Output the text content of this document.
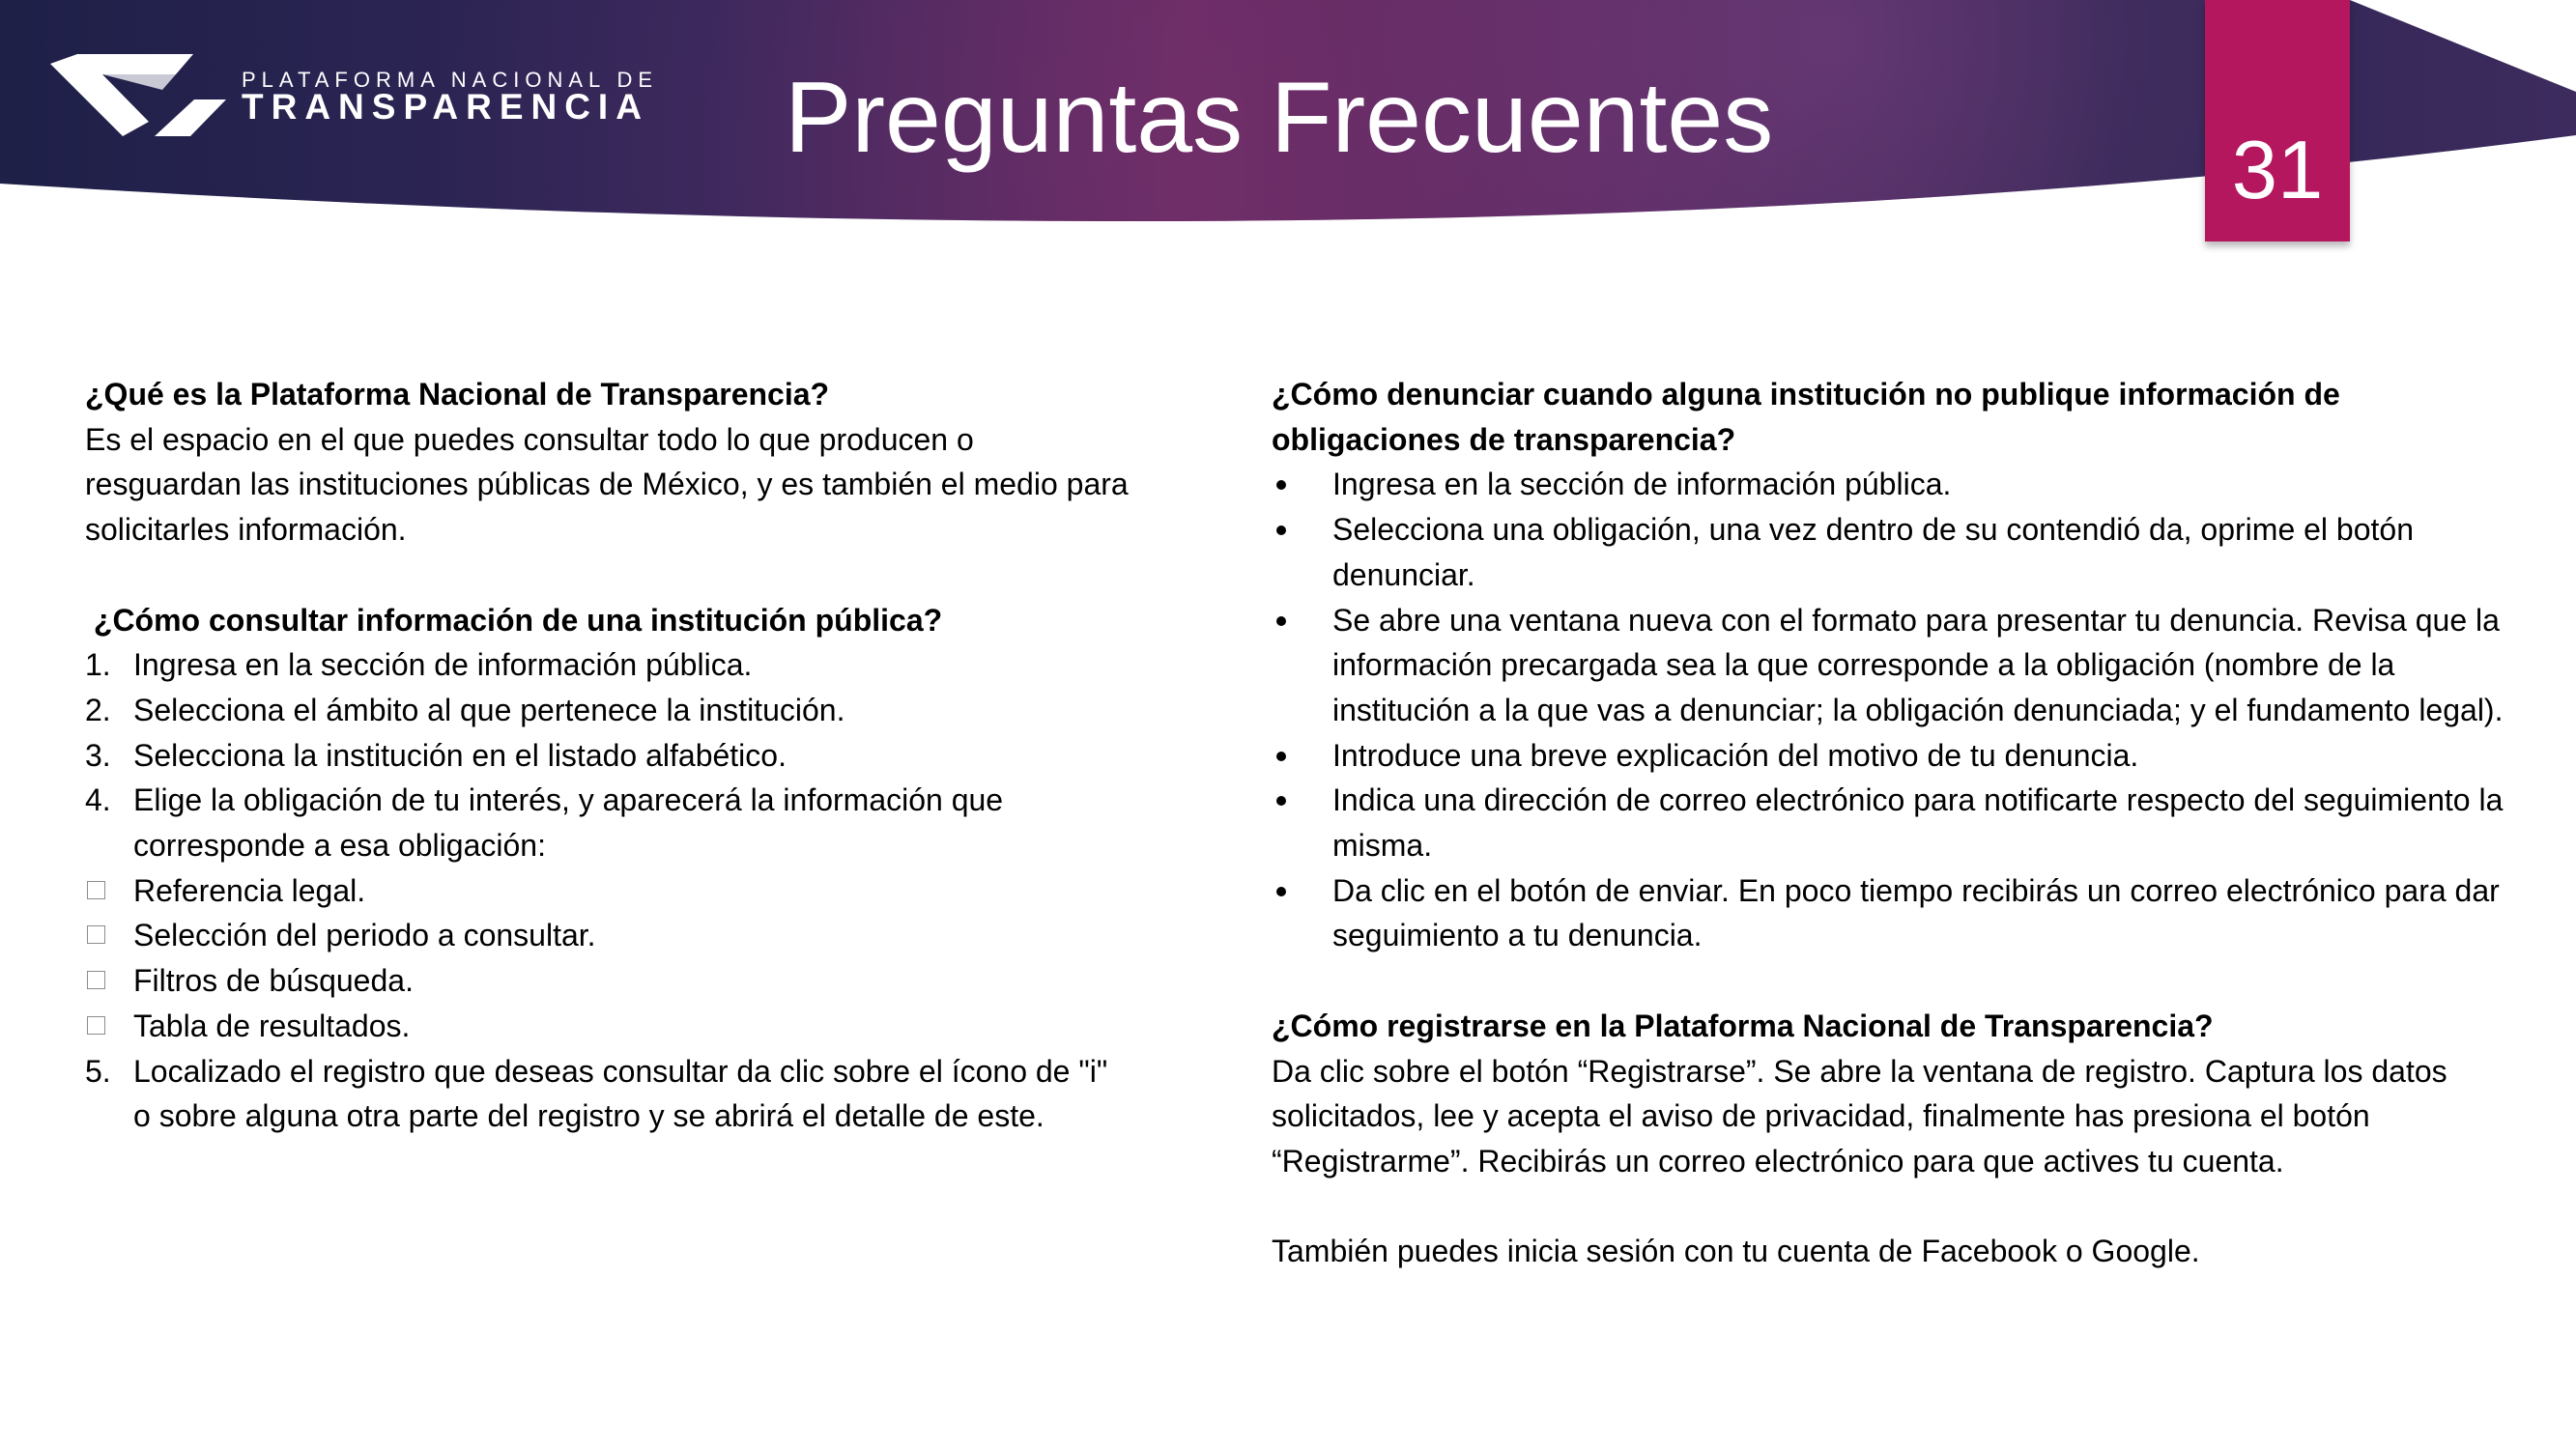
PLATAFORMA NACIONAL DE
TRANSPARENCIA Preguntas Frecuentes	31
¿Qué es la Plataforma Nacional de Transparencia?
Es el espacio en el que puedes consultar todo lo que producen o resguardan las instituciones públicas de México, y es también el medio para solicitarles información.
¿Cómo consultar información de una institución pública?
1. Ingresa en la sección de información pública.
2. Selecciona el ámbito al que pertenece la institución.
3. Selecciona la institución en el listado alfabético.
4. Elige la obligación de tu interés, y aparecerá la información que corresponde a esa obligación:
Referencia legal.
Selección del periodo a consultar.
Filtros de búsqueda.
Tabla de resultados.
5. Localizado el registro que deseas consultar da clic sobre el ícono de "i" o sobre alguna otra parte del registro y se abrirá el detalle de este.
¿Cómo denunciar cuando alguna institución no publique información de obligaciones de transparencia?
Ingresa en la sección de información pública.
Selecciona una obligación, una vez dentro de su contendió da, oprime el botón denunciar.
Se abre una ventana nueva con el formato para presentar tu denuncia. Revisa que la información precargada sea la que corresponde a la obligación (nombre de la institución a la que vas a denunciar; la obligación denunciada; y el fundamento legal).
Introduce una breve explicación del motivo de tu denuncia.
Indica una dirección de correo electrónico para notificarte respecto del seguimiento la misma.
Da clic en el botón de enviar. En poco tiempo recibirás un correo electrónico para dar seguimiento a tu denuncia.
¿Cómo registrarse en la Plataforma Nacional de Transparencia?
Da clic sobre el botón “Registrarse”. Se abre la ventana de registro. Captura los datos solicitados, lee y acepta el aviso de privacidad, finalmente has presiona el botón “Registrarme”. Recibirás un correo electrónico para que actives tu cuenta.
También puedes inicia sesión con tu cuenta de Facebook o Google.
